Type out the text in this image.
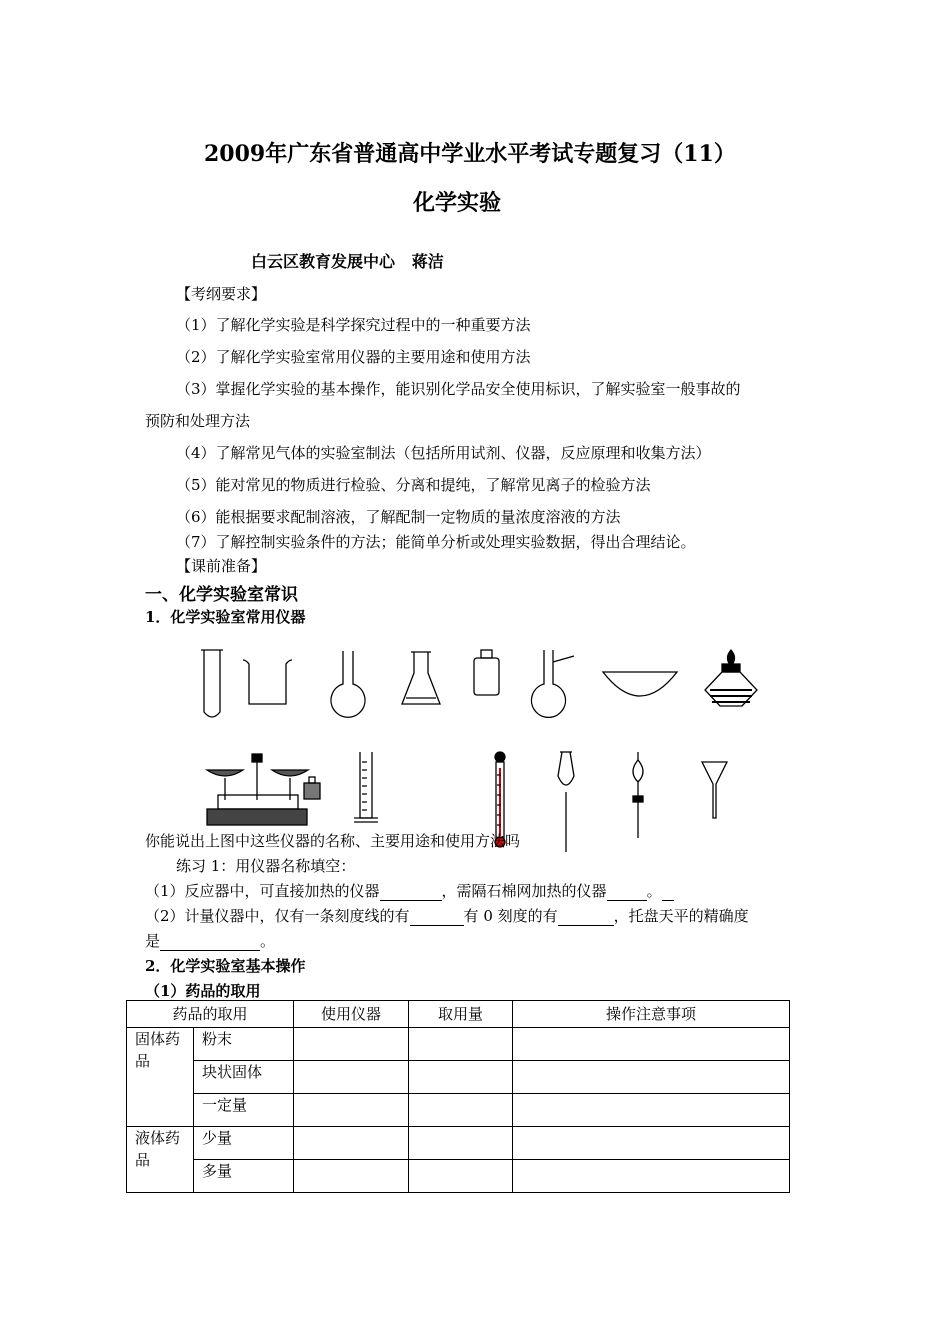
2009年广东省普通高中学业水平考试专题复习（11）
化学实验
白云区教育发展中心   蒋洁
【考纲要求】
（1）了解化学实验是科学探究过程中的一种重要方法
（2）了解化学实验室常用仪器的主要用途和使用方法
（3）掌握化学实验的基本操作，能识别化学品安全使用标识，了解实验室一般事故的
预防和处理方法
（4）了解常见气体的实验室制法（包括所用试剂、仪器，反应原理和收集方法）
（5）能对常见的物质进行检验、分离和提纯，了解常见离子的检验方法
（6）能根据要求配制溶液，了解配制一定物质的量浓度溶液的方法
（7）了解控制实验条件的方法；能简单分析或处理实验数据，得出合理结论。
【课前准备】
一、化学实验室常识
1．化学实验室常用仪器
你能说出上图中这些仪器的名称、主要用途和使用方法吗
练习 1：用仪器名称填空：
（1）反应器中，可直接加热的仪器	，需隔石棉网加热的仪器	。
（2）计量仪器中，仅有一条刻度线的有	有 0 刻度的有	，托盘天平的精确度
是	。
2．化学实验室基本操作
（1）药品的取用
药品的取用		使用仪器	取用量	操作注意事项
固体药品	粉末			
	块状固体			
	一定量			
液体药品	少量			
	多量			
